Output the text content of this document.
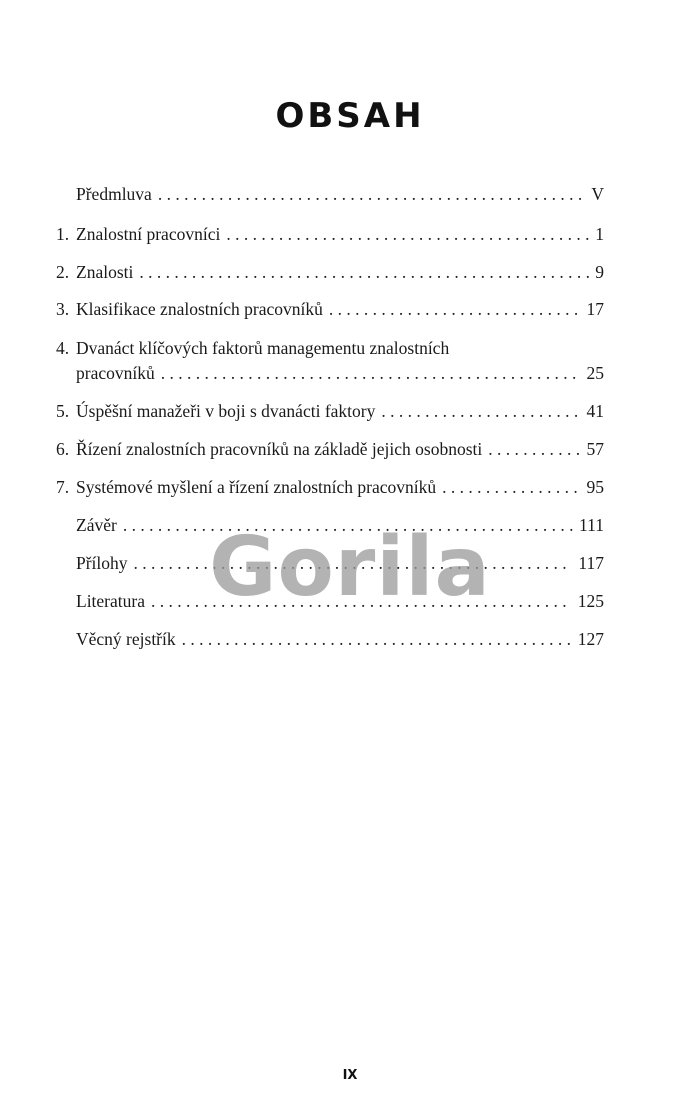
OBSAH
Předmluva . . .	V
1. Znalostní pracovníci . . .	1
2. Znalosti . . .	9
3. Klasifikace znalostních pracovníků . . .	17
4. Dvanáct klíčových faktorů managementu znalostních
pracovníků . . .	25
5. Úspěšní manažeři v boji s dvanácti faktory . . .	41
6. Řízení znalostních pracovníků na základě jejich osobnosti . . .	57
7. Systémové myšlení a řízení znalostních pracovníků . . .	95
Závěr . . .	111
Přílohy . . .	117
Literatura . . .	125
Věcný rejstřík . . .	127
Gorila
IX
